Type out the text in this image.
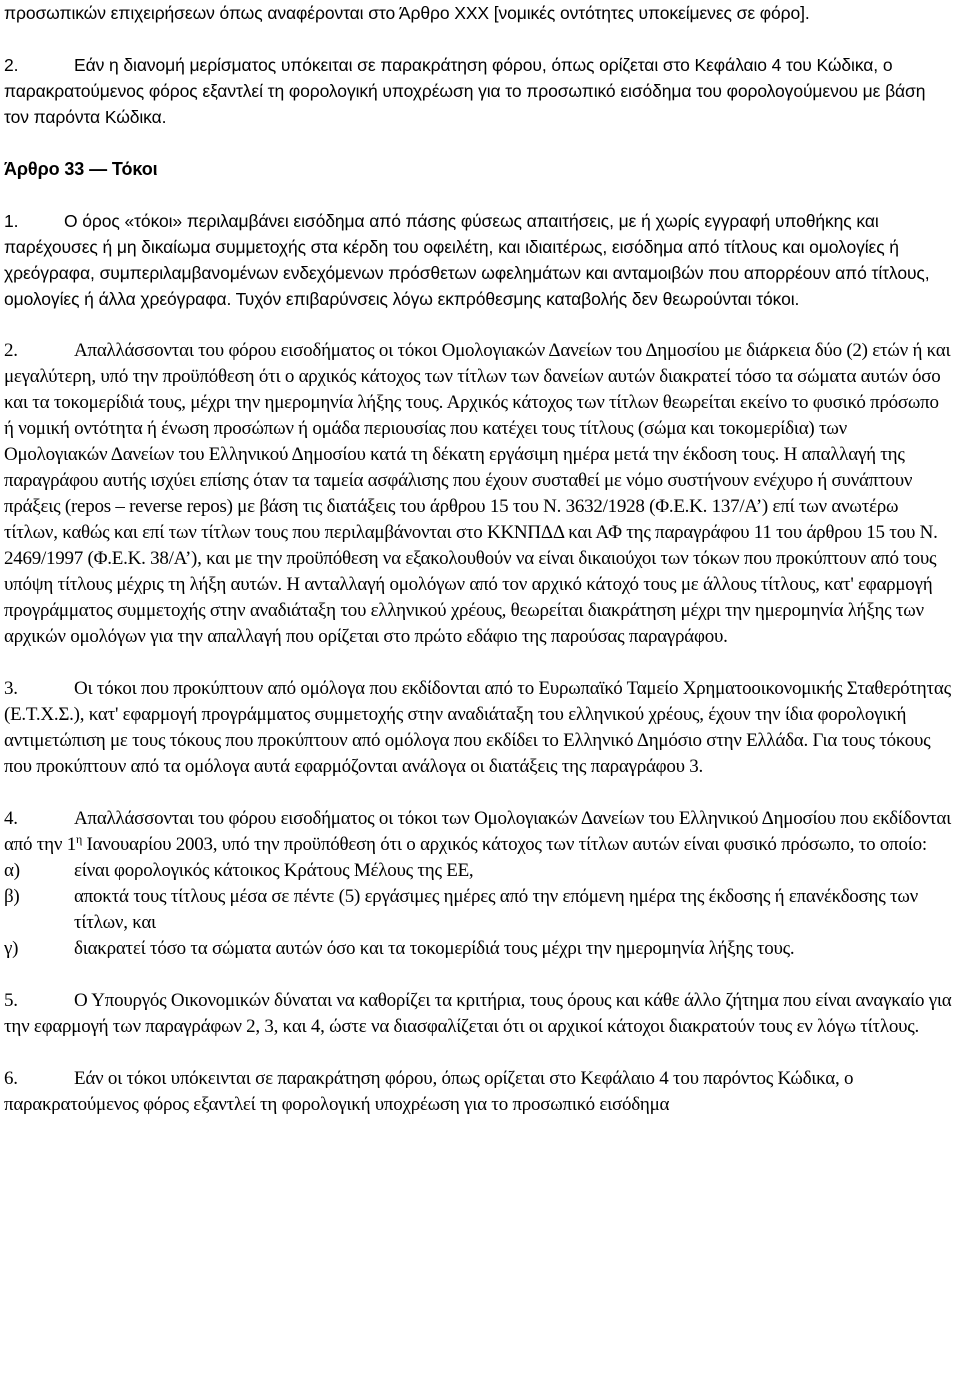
προσωπικών επιχειρήσεων όπως αναφέρονται στο Άρθρο ΧΧΧ [νομικές οντότητες υποκείμενες σε φόρο].

2.	Εάν η διανομή μερίσματος υπόκειται σε παρακράτηση φόρου, όπως ορίζεται στο Κεφάλαιο 4 του Κώδικα, ο παρακρατούμενος φόρος εξαντλεί τη φορολογική υποχρέωση για το προσωπικό εισόδημα του φορολογούμενου με βάση τον παρόντα Κώδικα.

Άρθρο 33 — Τόκοι

1.	Ο όρος «τόκοι» περιλαμβάνει εισόδημα από πάσης φύσεως απαιτήσεις, με ή χωρίς εγγραφή υποθήκης και παρέχουσες ή μη δικαίωμα συμμετοχής στα κέρδη του οφειλέτη, και ιδιαιτέρως, εισόδημα από τίτλους και ομολογίες ή χρεόγραφα, συμπεριλαμβανομένων ενδεχόμενων πρόσθετων ωφελημάτων και ανταμοιβών που απορρέουν από τίτλους, ομολογίες ή άλλα χρεόγραφα. Τυχόν επιβαρύνσεις λόγω εκπρόθεσμης καταβολής δεν θεωρούνται τόκοι.

2.	Απαλλάσσονται του φόρου εισοδήματος οι τόκοι Ομολογιακών Δανείων του Δημοσίου με διάρκεια δύο (2) ετών ή και μεγαλύτερη, υπό την προϋπόθεση ότι ο αρχικός κάτοχος των τίτλων των δανείων αυτών διακρατεί τόσο τα σώματα αυτών όσο και τα τοκομερίδιά τους, μέχρι την ημερομηνία λήξης τους. Αρχικός κάτοχος των τίτλων θεωρείται εκείνο το φυσικό πρόσωπο ή νομική οντότητα ή ένωση προσώπων ή ομάδα περιουσίας που κατέχει τους τίτλους (σώμα και τοκομερίδια) των Ομολογιακών Δανείων του Ελληνικού Δημοσίου κατά τη δέκατη εργάσιμη ημέρα μετά την έκδοση τους. Η απαλλαγή της παραγράφου αυτής ισχύει επίσης όταν τα ταμεία ασφάλισης που έχουν συσταθεί με νόμο συστήνουν ενέχυρο ή συνάπτουν πράξεις (repos – reverse repos) με βάση τις διατάξεις του άρθρου 15 του Ν. 3632/1928 (Φ.Ε.Κ. 137/Α’) επί των ανωτέρω τίτλων, καθώς και επί των τίτλων τους που περιλαμβάνονται στο ΚΚΝΠΔΔ και ΑΦ της παραγράφου 11 του άρθρου 15 του Ν. 2469/1997 (Φ.Ε.Κ. 38/Α’), και με την προϋπόθεση να εξακολουθούν να είναι δικαιούχοι των τόκων που προκύπτουν από τους υπόψη τίτλους μέχρις τη λήξη αυτών. Η ανταλλαγή ομολόγων από τον αρχικό κάτοχό τους με άλλους τίτλους, κατ' εφαρμογή προγράμματος συμμετοχής στην αναδιάταξη του ελληνικού χρέους, θεωρείται διακράτηση μέχρι την ημερομηνία λήξης των αρχικών ομολόγων για την απαλλαγή που ορίζεται στο πρώτο εδάφιο της παρούσας παραγράφου.

3.	Οι τόκοι που προκύπτουν από ομόλογα που εκδίδονται από το Ευρωπαϊκό Ταμείο Χρηματοοικονομικής Σταθερότητας (Ε.Τ.Χ.Σ.), κατ' εφαρμογή προγράμματος συμμετοχής στην αναδιάταξη του ελληνικού χρέους, έχουν την ίδια φορολογική αντιμετώπιση με τους τόκους που προκύπτουν από ομόλογα που εκδίδει το Ελληνικό Δημόσιο στην Ελλάδα. Για τους τόκους που προκύπτουν από τα ομόλογα αυτά εφαρμόζονται ανάλογα οι διατάξεις της παραγράφου 3.

4.	Απαλλάσσονται του φόρου εισοδήματος οι τόκοι των Ομολογιακών Δανείων του Ελληνικού Δημοσίου που εκδίδονται από την $1^\eta$ Ιανουαρίου 2003, υπό την προϋπόθεση ότι ο αρχικός κάτοχος των τίτλων αυτών είναι φυσικό πρόσωπο, το οποίο:

α)	είναι φορολογικός κάτοικος Κράτους Μέλους της ΕΕ,
β)	αποκτά τους τίτλους μέσα σε πέντε (5) εργάσιμες ημέρες από την επόμενη ημέρα της έκδοσης ή επανέκδοσης των τίτλων, και
γ)	διακρατεί τόσο τα σώματα αυτών όσο και τα τοκομερίδιά τους μέχρι την ημερομηνία λήξης τους.

5.	Ο Υπουργός Οικονομικών δύναται να καθορίζει τα κριτήρια, τους όρους και κάθε άλλο ζήτημα που είναι αναγκαίο για την εφαρμογή των παραγράφων 2, 3, και 4, ώστε να διασφαλίζεται ότι οι αρχικοί κάτοχοι διακρατούν τους εν λόγω τίτλους.

6.	Εάν οι τόκοι υπόκεινται σε παρακράτηση φόρου, όπως ορίζεται στο Κεφάλαιο 4 του παρόντος Κώδικα, ο παρακρατούμενος φόρος εξαντλεί τη φορολογική υποχρέωση για το προσωπικό εισόδημα
